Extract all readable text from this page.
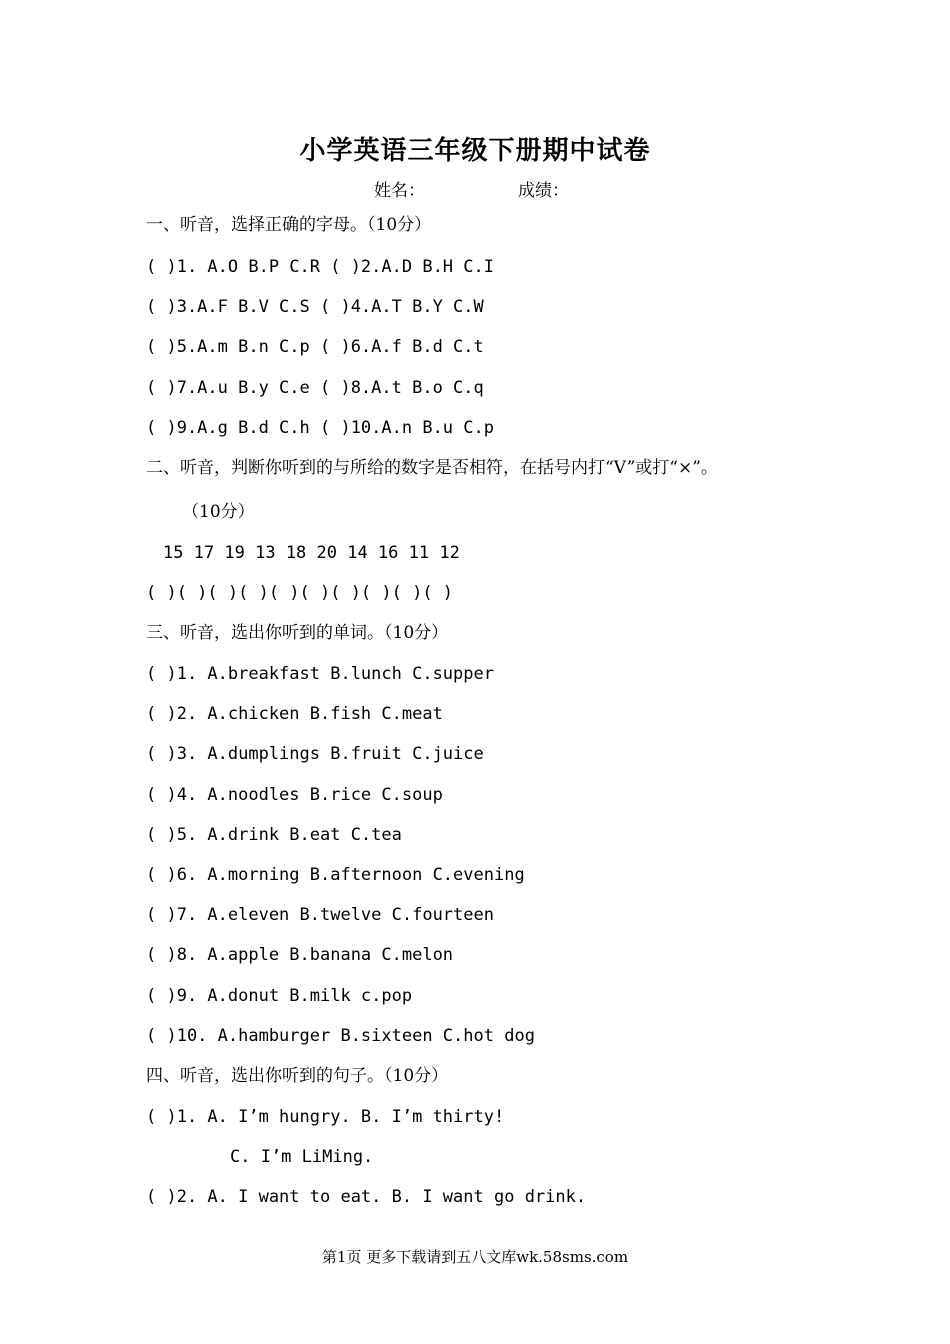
小学英语三年级下册期中试卷
姓名：	成绩：
一、听音，选择正确的字母。（10分）
( )1. A.O B.P C.R ( )2.A.D B.H C.I
( )3.A.F B.V C.S ( )4.A.T B.Y C.W
( )5.A.m B.n C.p ( )6.A.f B.d C.t
( )7.A.u B.y C.e ( )8.A.t B.o C.q
( )9.A.g B.d C.h ( )10.A.n B.u C.p
二、听音，判断你听到的与所给的数字是否相符，在括号内打“V”或打“×”。
（10分）
15 17 19 13 18 20 14 16 11 12
( )( )( )( )( )( )( )( )( )( )
三、听音，选出你听到的单词。（10分）
( )1. A.breakfast B.lunch C.supper
( )2. A.chicken B.fish C.meat
( )3. A.dumplings B.fruit C.juice
( )4. A.noodles B.rice C.soup
( )5. A.drink B.eat C.tea
( )6. A.morning B.afternoon C.evening
( )7. A.eleven B.twelve C.fourteen
( )8. A.apple B.banana C.melon
( )9. A.donut B.milk c.pop
( )10. A.hamburger B.sixteen C.hot dog
四、听音，选出你听到的句子。（10分）
( )1. A. I’m hungry. B. I’m thirty!
C. I’m LiMing.
( )2. A. I want to eat. B. I want go drink.
第1页 更多下载请到五八文库wk.58sms.com
